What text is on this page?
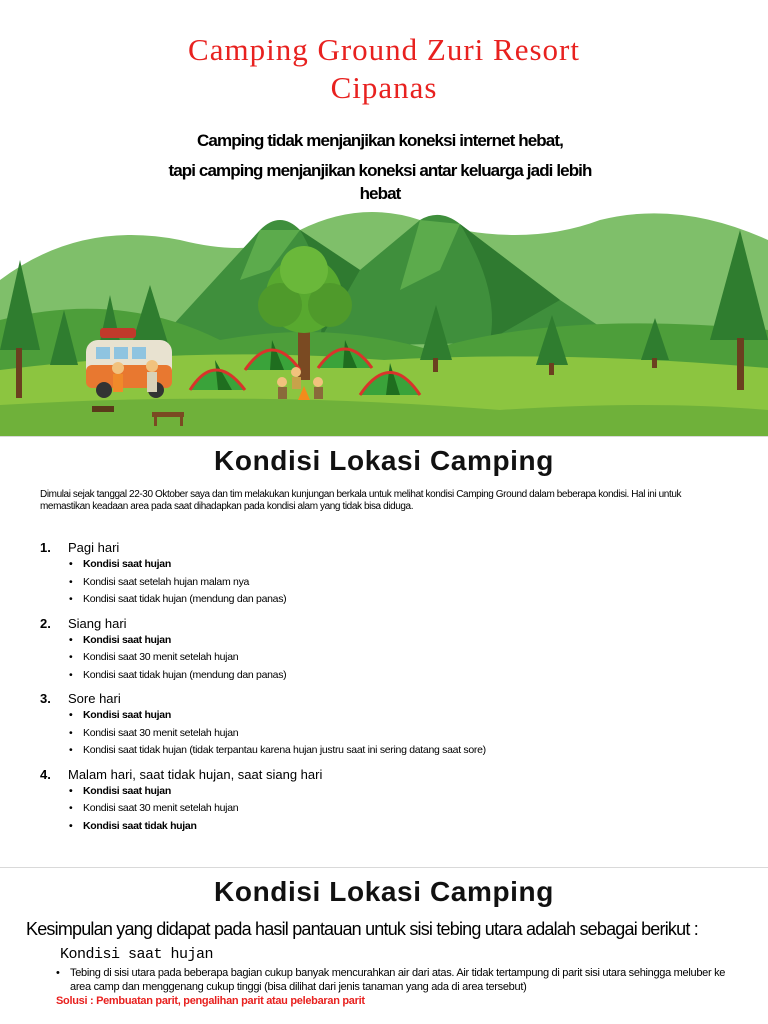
Camping Ground Zuri Resort
Cipanas
Camping tidak menjanjikan koneksi internet hebat,
tapi camping menjanjikan koneksi antar keluarga jadi lebih
hebat
Kondisi Lokasi Camping
Dimulai sejak tanggal 22-30 Oktober saya dan tim melakukan kunjungan berkala untuk melihat kondisi Camping Ground dalam beberapa kondisi. Hal ini untuk
memastikan keadaan area pada saat dihadapkan pada kondisi alam yang tidak bisa diduga.
1. Pagi hari
• Kondisi saat hujan
• Kondisi saat setelah hujan malam nya
• Kondisi saat tidak hujan (mendung dan panas)
2. Siang hari
• Kondisi saat hujan
• Kondisi saat 30 menit setelah hujan
• Kondisi saat tidak hujan (mendung dan panas)
3. Sore hari
• Kondisi saat hujan
• Kondisi saat 30 menit setelah hujan
• Kondisi saat tidak hujan (tidak terpantau karena hujan justru saat ini sering datang saat sore)
4. Malam hari, saat tidak hujan, saat siang hari
• Kondisi saat hujan
• Kondisi saat 30 menit setelah hujan
• Kondisi saat tidak hujan
Kondisi Lokasi Camping
Kesimpulan yang didapat pada hasil pantauan untuk sisi tebing utara adalah sebagai berikut :
Kondisi saat hujan
• Tebing di sisi utara pada beberapa bagian cukup banyak mencurahkan air dari atas. Air tidak tertampung di parit sisi utara sehingga meluber ke
area camp dan menggenang cukup tinggi (bisa dilihat dari jenis tanaman yang ada di area tersebut)
Solusi : Pembuatan parit, pengalihan parit atau pelebaran parit
